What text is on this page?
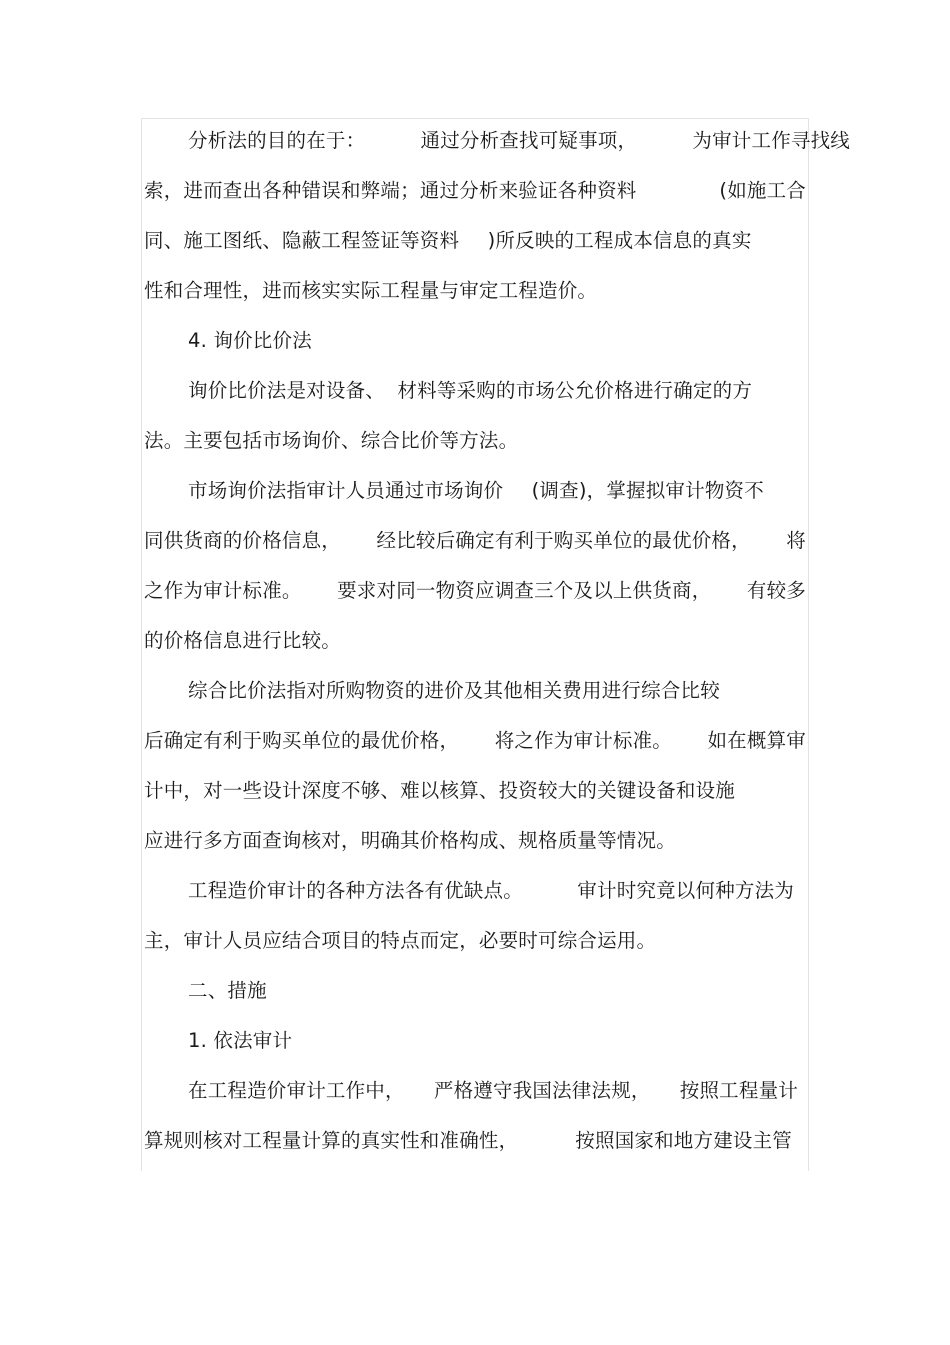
分析法的目的在于：	通过分析查找可疑事项，	为审计工作寻找线
索，进而查出各种错误和弊端；通过分析来验证各种资料	(如施工合
同、施工图纸、隐蔽工程签证等资料 )所反映的工程成本信息的真实
性和合理性，进而核实实际工程量与审定工程造价。
4. 询价比价法
询价比价法是对设备、 材料等采购的市场公允价格进行确定的方
法。主要包括市场询价、综合比价等方法。
市场询价法指审计人员通过市场询价 (调查)，掌握拟审计物资不
同供货商的价格信息， 经比较后确定有利于购买单位的最优价格， 将
之作为审计标准。 要求对同一物资应调查三个及以上供货商， 有较多
的价格信息进行比较。
综合比价法指对所购物资的进价及其他相关费用进行综合比较
后确定有利于购买单位的最优价格， 将之作为审计标准。 如在概算审
计中，对一些设计深度不够、难以核算、投资较大的关键设备和设施
应进行多方面查询核对，明确其价格构成、规格质量等情况。
工程造价审计的各种方法各有优缺点。	审计时究竟以何种方法为
主，审计人员应结合项目的特点而定，必要时可综合运用。
二、措施
1. 依法审计
在工程造价审计工作中， 严格遵守我国法律法规， 按照工程量计
算规则核对工程量计算的真实性和准确性，	按照国家和地方建设主管
